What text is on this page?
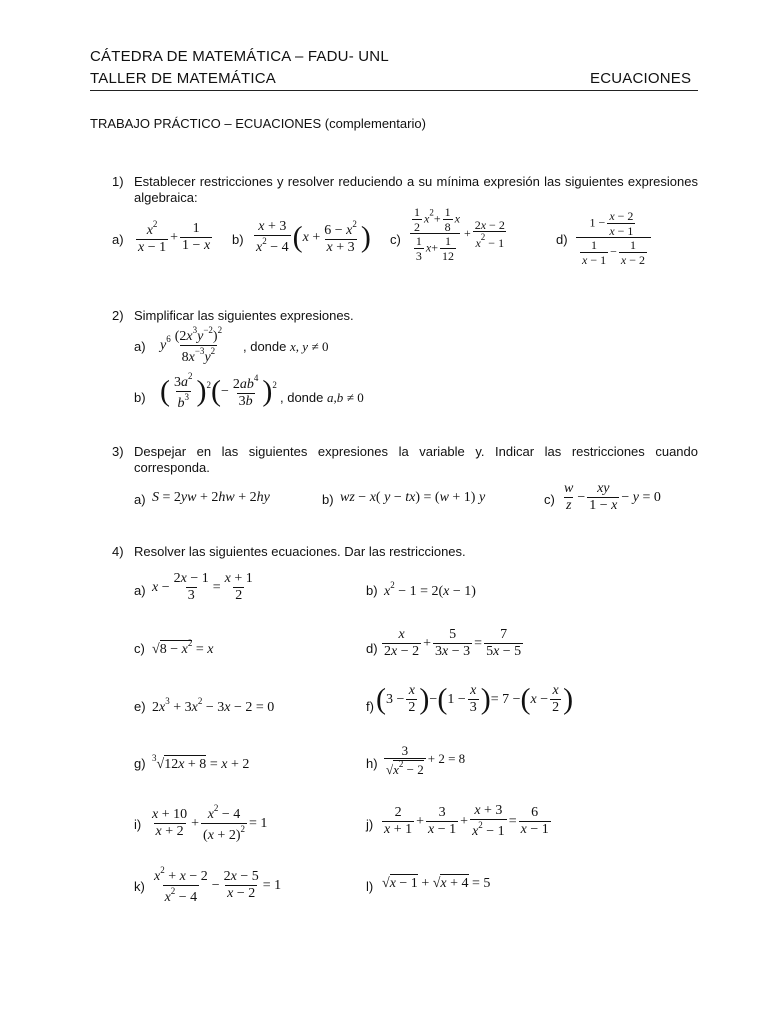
CÁTEDRA DE MATEMÁTICA – FADU- UNL
TALLER DE MATEMÁTICA	ECUACIONES
TRABAJO PRÁCTICO – ECUACIONES (complementario)
1) Establecer restricciones y resolver reduciendo a su mínima expresión las siguientes expresiones algebraica:
$a) \frac{x^2}{x - 1} + \frac{1}{1 - x} b) \frac{x + 3}{x^2 - 4} (x + \frac{6 - x^2}{x + 3}$ ) $c) \frac{\frac{1}{2} x^2+ \frac{1}{8} x}{\frac{1}{3} x+ \frac{1}{12}} + \frac{2x - 2}{x^2 - 1}$	$d) \frac{1 - \frac{x - 2}{x - 1}}{\frac{1}{x - 1} - \frac{1}{x - 2}}$
2) Simplificar las siguientes expresiones.
a) $y^6 \frac{(2x^3y^{-2})^2}{8x^{-3}y^2}$ , donde x, y ≠ 0
b) ( $\frac{3a^2}{b^3} )^2(- \frac{2ab^4}{3b} )^2$
, donde a,b ≠ 0
3) Despejar en las siguientes expresiones la variable y. Indicar las restricciones cuando corresponda.
a) S = 2yw + 2hw + 2hy	b) wz − x( y − tx) = (w + 1) y	$c) \frac{w}{z} - \frac{xy}{1 - x} - y = 0$
4) Resolver las siguientes ecuaciones. Dar las restricciones.
a) $x - \frac{2x - 1}{3} = \frac{x + 1}{2}$	b) $x^2 - 1 = 2(x - 1)$
c) $√8 - x^2 = x$	$d) \frac{x}{2x - 2} + \frac{5}{3x - 3} = \frac{7}{5x - 5}$
e) $2x^3 + 3x^2 - 3x - 2 = 0$	f) $(3 - \frac{x}{2} )-(1 - \frac{x}{3}$ )= $7 -(x - \frac{x}{2}$ )
g) $^3$√12x + 8 = x + 2	$h) \frac{3}{√x^2 - 2} + 2 = 8$
$i) \frac{x + 10}{x + 2} + \frac{x^2 - 4}{(x + 2)^2} = 1$	$j) \frac{2}{x + 1} + \frac{3}{x - 1} + \frac{x + 3}{x^2 - 1} = \frac{6}{x - 1}$
$k) \frac{x^2 + x - 2}{x^2 - 4} - \frac{2x - 5}{x - 2} = 1$	l) √x − 1 + √x + 4 = 5
